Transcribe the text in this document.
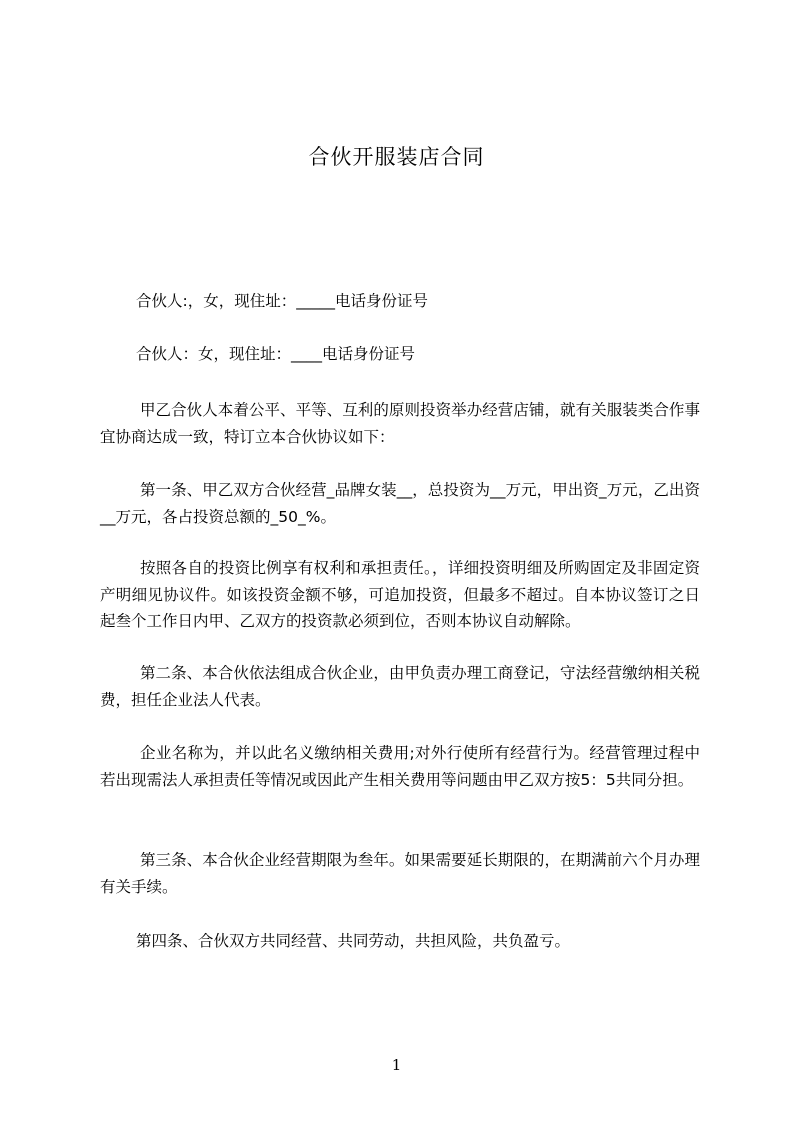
合伙开服装店合同

合伙人:，女，现住址：_____电话身份证号

合伙人：女，现住址：____电话身份证号

甲乙合伙人本着公平、平等、互利的原则投资举办经营店铺，就有关服装类合作事宜协商达成一致，特订立本合伙协议如下：

第一条、甲乙双方合伙经营_品牌女装__，总投资为__万元，甲出资_万元，乙出资__万元，各占投资总额的_50_%。

按照各自的投资比例享有权利和承担责任。，详细投资明细及所购固定及非固定资产明细见协议件。如该投资金额不够，可追加投资，但最多不超过。自本协议签订之日起叁个工作日内甲、乙双方的投资款必须到位，否则本协议自动解除。

第二条、本合伙依法组成合伙企业，由甲负责办理工商登记，守法经营缴纳相关税费，担任企业法人代表。

企业名称为，并以此名义缴纳相关费用;对外行使所有经营行为。经营管理过程中若出现需法人承担责任等情况或因此产生相关费用等问题由甲乙双方按5：5共同分担。

第三条、本合伙企业经营期限为叁年。如果需要延长期限的，在期满前六个月办理有关手续。

第四条、合伙双方共同经营、共同劳动，共担风险，共负盈亏。

1
